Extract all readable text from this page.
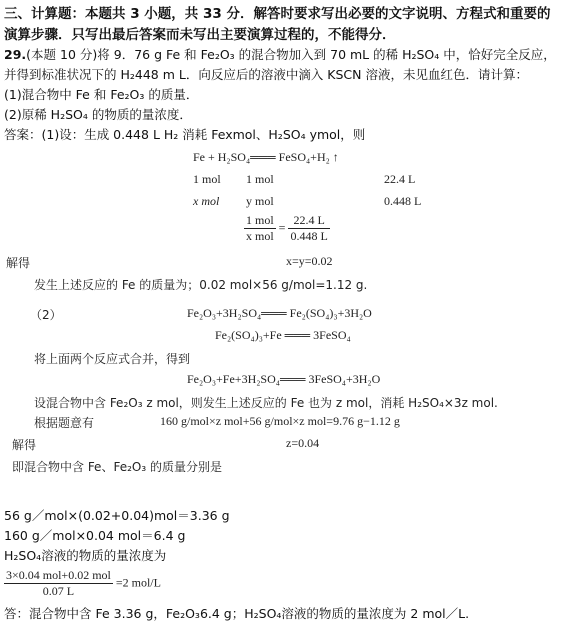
三、计算题：本题共 3 小题，共 33 分．解答时要求写出必要的文字说明、方程式和重要的
演算步骤．只写出最后答案而未写出主要演算过程的，不能得分．
29.(本题 10 分)将 9．76 g Fe 和 Fe₂O₃ 的混合物加入到 70 mL 的稀 H₂SO₄ 中，恰好完全反应，
并得到标准状况下的 H₂448 m L．向反应后的溶液中滴入 KSCN 溶液，未见血红色．请计算：
(1)混合物中 Fe 和 Fe₂O₃ 的质量．
(2)原稀 H₂SO₄ 的物质的量浓度．
答案：(1)设：生成 0.448 L H₂ 消耗 Fexmol、H₂SO₄ ymol，则
Fe + H₂SO₄═══ FeSO₄+H₂ ↑
1 mol 1 mol	22.4 L
x mol y mol	0.448 L
$\frac{\text{1 mol}}{\text{x mol}} = \frac{22.4 L}{0.448 L}$
解得	x=y=0.02
发生上述反应的 Fe 的质量为；0.02 mol×56 g/mol=1.12 g.
（2）	Fe₂O₃+3H₂SO₄═══ Fe₂(SO₄)₃+3H₂O
Fe₂(SO₄)₃+Fe ═══ 3FeSO₄
将上面两个反应式合并，得到
Fe₂O₃+Fe+3H₂SO₄═══ 3FeSO₄+3H₂O
设混合物中含 Fe₂O₃ z mol，则发生上述反应的 Fe 也为 z mol，消耗 H₂SO₄×3z mol.
根据题意有	160 g/mol×z mol+56 g/mol×z mol=9.76 g−1.12 g
解得	z=0.04
即混合物中含 Fe、Fe₂O₃ 的质量分别是
56 g／mol×(0.02+0.04)mol＝3.36 g
160 g／mol×0.04 mol＝6.4 g
H₂SO₄溶液的物质的量浓度为
$\frac{\text{3×0.04 mol+0.02 mol}}{0.07 L} =2$ mol/L
答：混合物中含 Fe 3.36 g，Fe₂O₃6.4 g；H₂SO₄溶液的物质的量浓度为 2 mol／L.
